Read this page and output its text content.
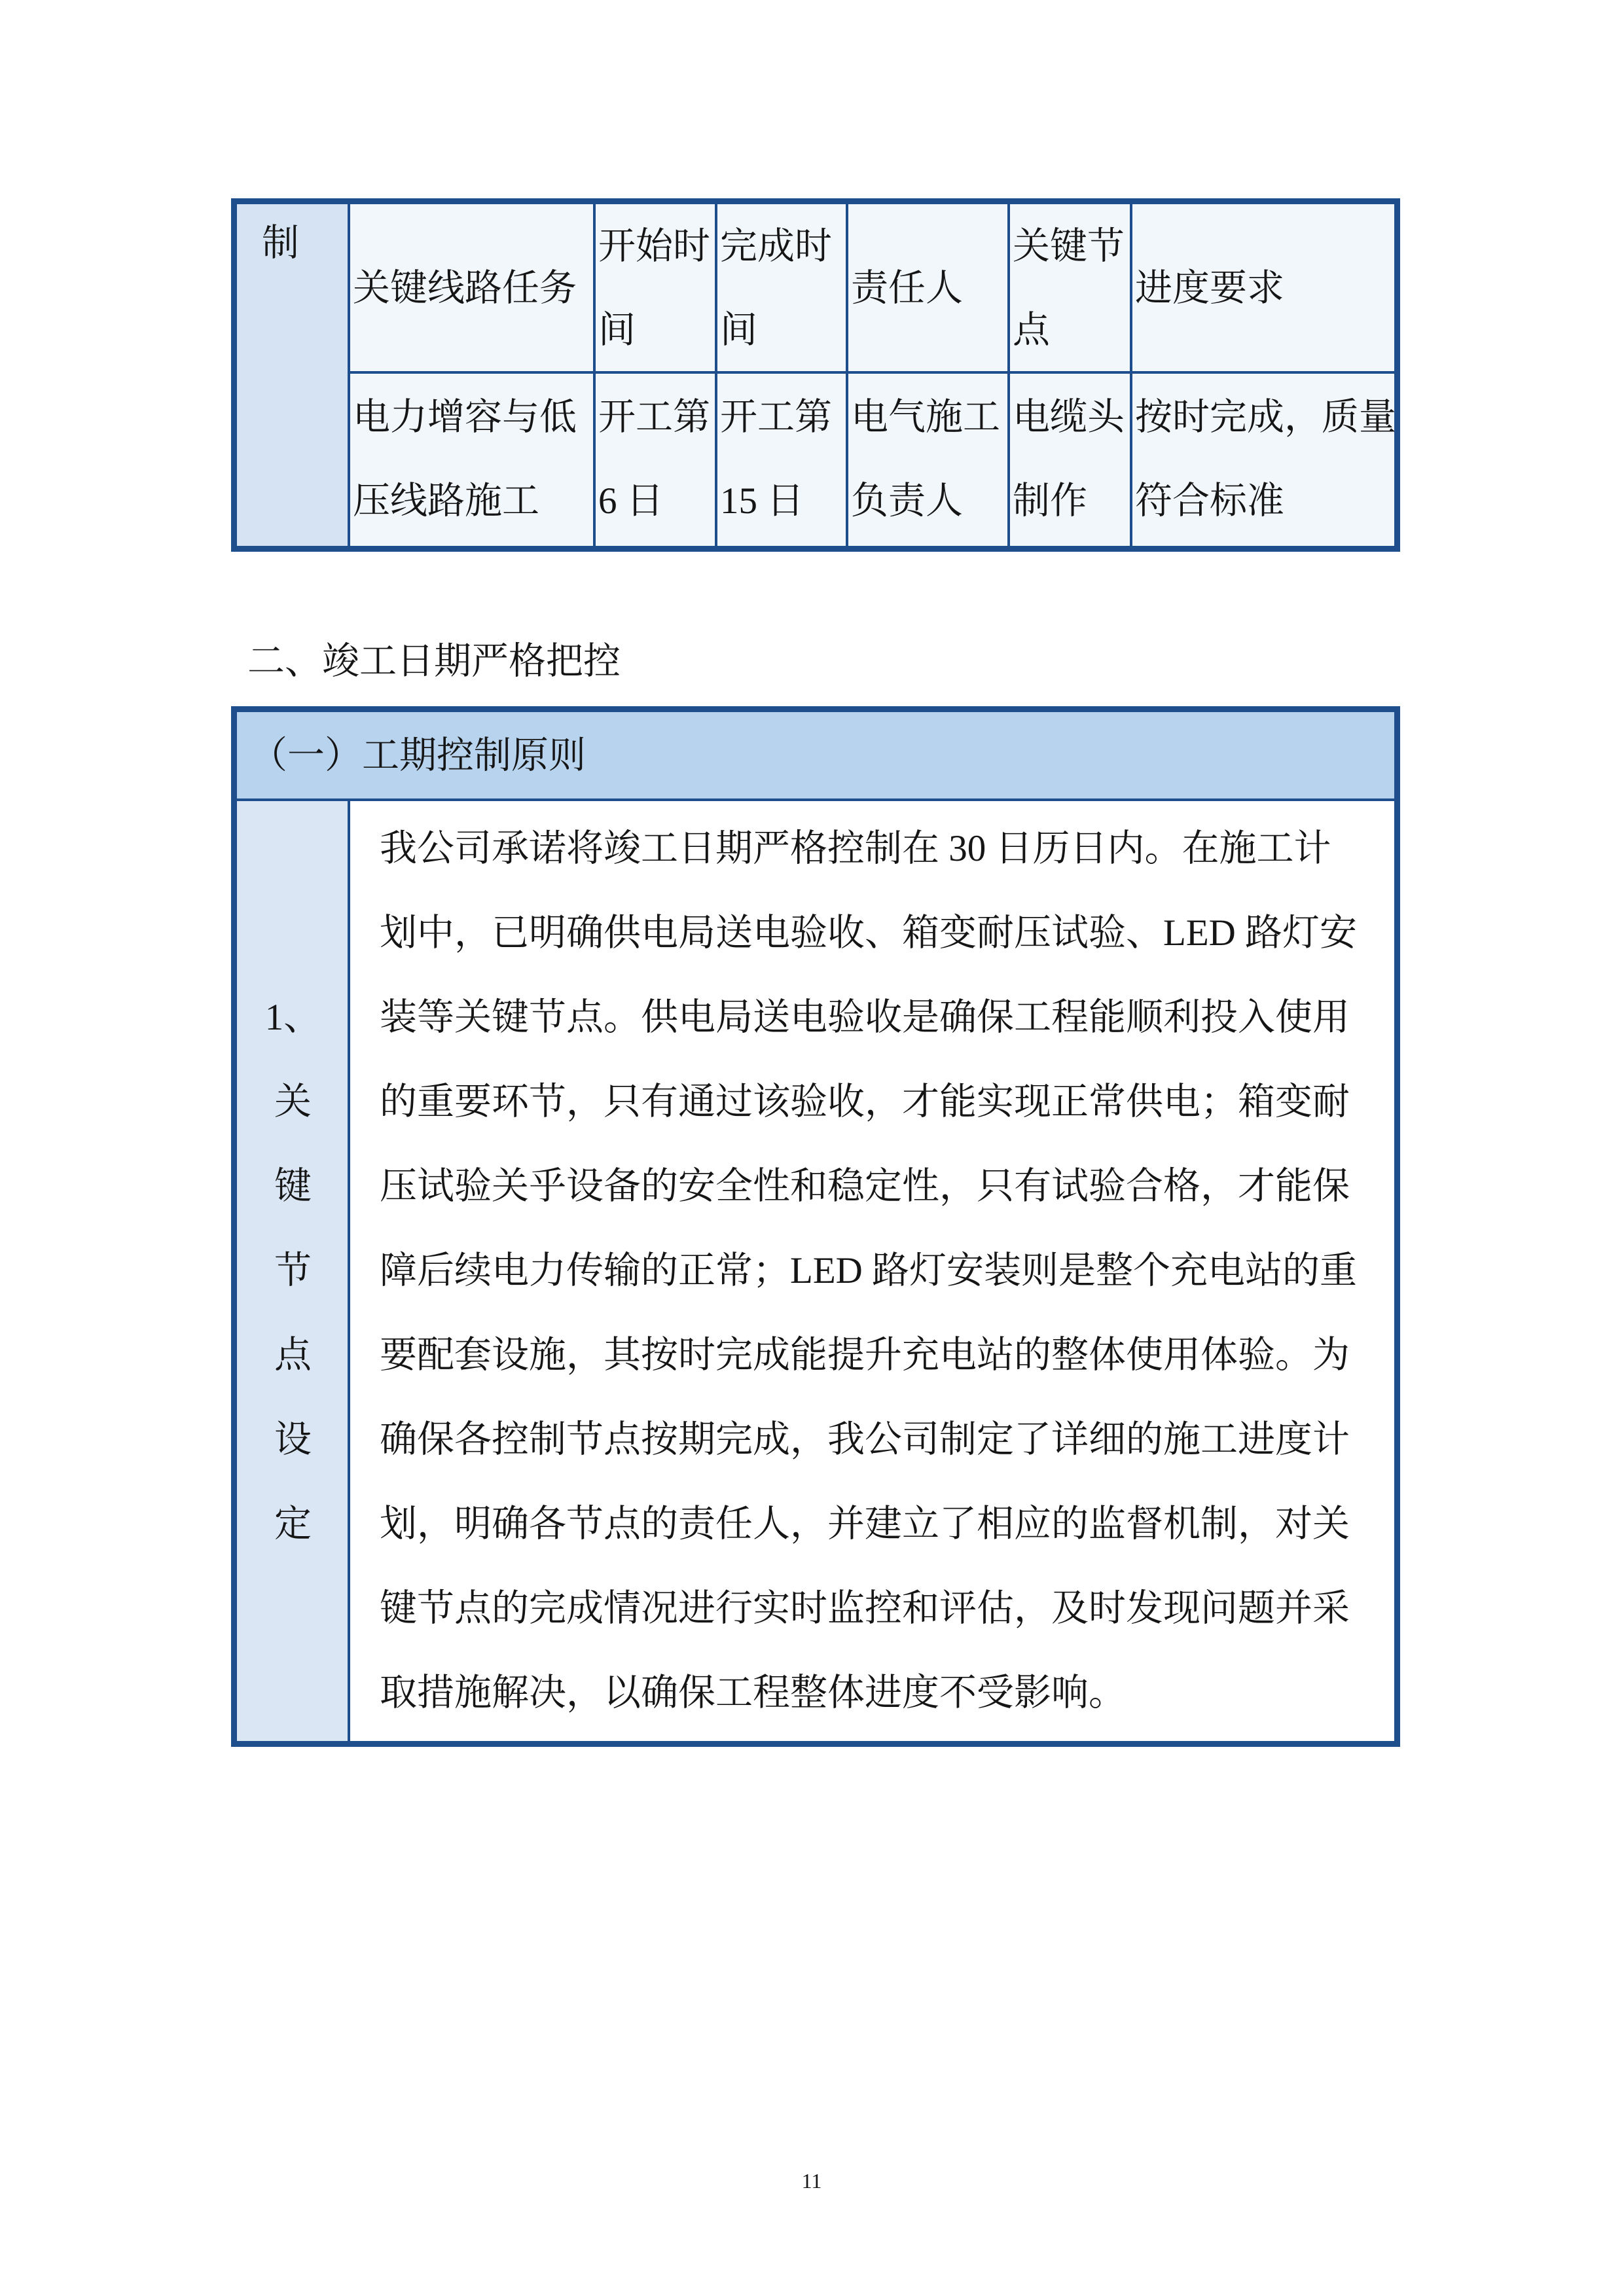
制
关键线路任务
开始时
间
完成时
间
责任人
关键节
点
进度要求
电力增容与低
压线路施工
开工第
6 日
开工第
15 日
电气施工
负责人
电缆头
制作
按时完成，质量
符合标准
二、竣工日期严格把控
（一）工期控制原则
1、
关
键
节
点
设
定
我公司承诺将竣工日期严格控制在 30 日历日内。在施工计
划中，已明确供电局送电验收、箱变耐压试验、LED 路灯安
装等关键节点。供电局送电验收是确保工程能顺利投入使用
的重要环节，只有通过该验收，才能实现正常供电；箱变耐
压试验关乎设备的安全性和稳定性，只有试验合格，才能保
障后续电力传输的正常；LED 路灯安装则是整个充电站的重
要配套设施，其按时完成能提升充电站的整体使用体验。为
确保各控制节点按期完成，我公司制定了详细的施工进度计
划，明确各节点的责任人，并建立了相应的监督机制，对关
键节点的完成情况进行实时监控和评估，及时发现问题并采
取措施解决，以确保工程整体进度不受影响。
11
